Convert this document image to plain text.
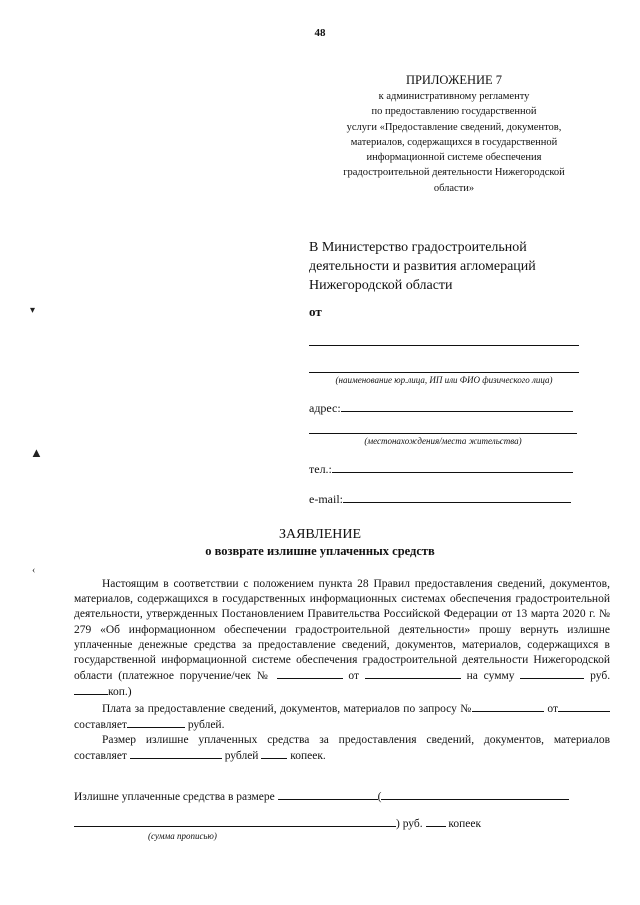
48
ПРИЛОЖЕНИЕ 7
к административному регламенту
по предоставлению государственной
услуги «Предоставление сведений, документов,
материалов, содержащихся в государственной
информационной системе обеспечения
градостроительной деятельности Нижегородской
области»
В Министерство градостроительной
деятельности и развития агломераций
Нижегородской области
от
(наименование юр.лица, ИП или ФИО физического лица)
адрес:
(местонахождения/места жительства)
тел.:
e-mail:
ЗАЯВЛЕНИЕ
о возврате излишне уплаченных средств

Настоящим в соответствии с положением пункта 28 Правил предоставления сведений, документов, материалов, содержащихся в государственных информационных системах обеспечения градостроительной деятельности, утвержденных Постановлением Правительства Российской Федерации от 13 марта 2020 г. № 279 «Об информационном обеспечении градостроительной деятельности» прошу вернуть излишне уплаченные денежные средства за предоставление сведений, документов, материалов, содержащихся в государственной информационной системе обеспечения градостроительной деятельности Нижегородской области (платежное поручение/чек №	от	на сумму	руб.коп.)

Плата за предоставление сведений, документов, материалов по запросу №	от составляет	рублей.

Размер излишне уплаченных средства за предоставления сведений, документов, материалов составляет	рублей	копеек.

Излишне уплаченные средства в размере	(
) руб. копеек
(сумма прописью)
▾
▲
‹
